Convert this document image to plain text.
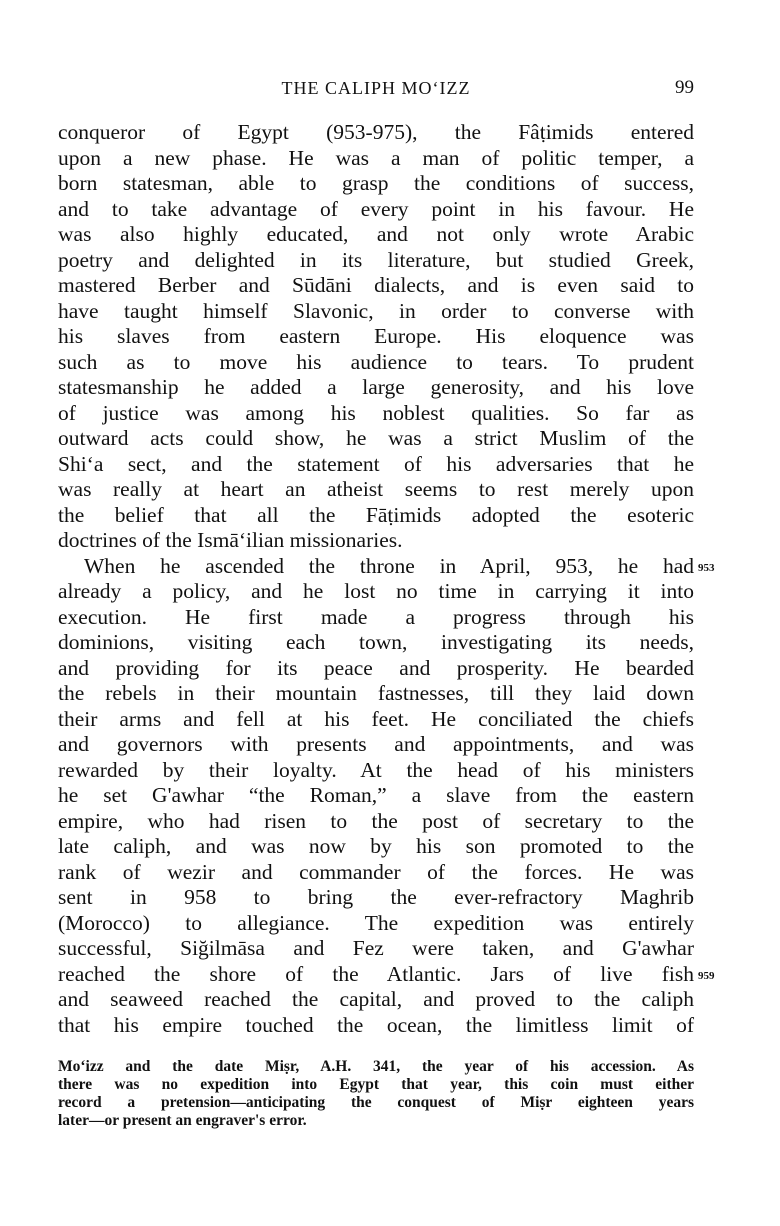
THE CALIPH MO‘IZZ	99
conqueror of Egypt (953-975), the Fâṭimids entered
upon a new phase. He was a man of politic temper, a
born statesman, able to grasp the conditions of success,
and to take advantage of every point in his favour. He
was also highly educated, and not only wrote Arabic
poetry and delighted in its literature, but studied Greek,
mastered Berber and Sūdāni dialects, and is even said to
have taught himself Slavonic, in order to converse with
his slaves from eastern Europe. His eloquence was
such as to move his audience to tears. To prudent
statesmanship he added a large generosity, and his love
of justice was among his noblest qualities. So far as
outward acts could show, he was a strict Muslim of the
Shi‘a sect, and the statement of his adversaries that he
was really at heart an atheist seems to rest merely upon
the belief that all the Fāṭimids adopted the esoteric
doctrines of the Ismā‘ilian missionaries.
When he ascended the throne in April, 953, he had 953
already a policy, and he lost no time in carrying it into
execution. He first made a progress through his
dominions, visiting each town, investigating its needs,
and providing for its peace and prosperity. He bearded
the rebels in their mountain fastnesses, till they laid down
their arms and fell at his feet. He conciliated the chiefs
and governors with presents and appointments, and was
rewarded by their loyalty. At the head of his ministers
he set G'awhar “the Roman,” a slave from the eastern
empire, who had risen to the post of secretary to the
late caliph, and was now by his son promoted to the
rank of wezir and commander of the forces. He was
sent in 958 to bring the ever-refractory Maghrib
(Morocco) to allegiance. The expedition was entirely
successful, Siğilmāsa and Fez were taken, and G'awhar
reached the shore of the Atlantic. Jars of live fish 959
and seaweed reached the capital, and proved to the caliph
that his empire touched the ocean, the limitless limit of
Mo‘izz and the date Miṣr, A.H. 341, the year of his accession. As
there was no expedition into Egypt that year, this coin must either
record a pretension—anticipating the conquest of Miṣr eighteen years
later—or present an engraver's error.
